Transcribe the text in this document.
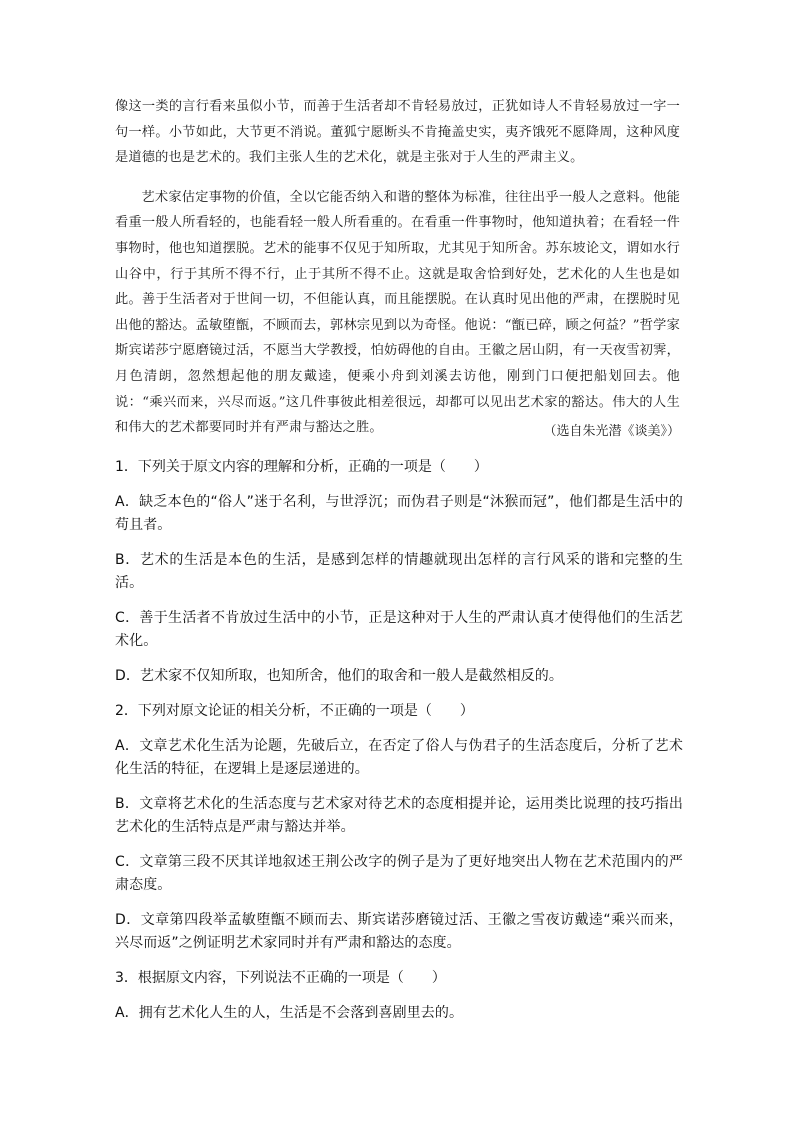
像这一类的言行看来虽似小节，而善于生活者却不肯轻易放过，正犹如诗人不肯轻易放过一字一句一样。小节如此，大节更不消说。董狐宁愿断头不肯掩盖史实，夷齐饿死不愿降周，这种风度是道德的也是艺术的。我们主张人生的艺术化，就是主张对于人生的严肃主义。

艺术家估定事物的价值，全以它能否纳入和谐的整体为标准，往往出乎一般人之意料。他能看重一般人所看轻的，也能看轻一般人所看重的。在看重一件事物时，他知道执着；在看轻一件事物时，他也知道摆脱。艺术的能事不仅见于知所取，尤其见于知所舍。苏东坡论文，谓如水行山谷中，行于其所不得不行，止于其所不得不止。这就是取舍恰到好处，艺术化的人生也是如此。善于生活者对于世间一切，不但能认真，而且能摆脱。在认真时见出他的严肃，在摆脱时见出他的豁达。孟敏堕甑，不顾而去，郭林宗见到以为奇怪。他说：“甑已碎，顾之何益？”哲学家斯宾诺莎宁愿磨镜过活，不愿当大学教授，怕妨碍他的自由。王徽之居山阴，有一天夜雪初霁，月色清朗，忽然想起他的朋友戴逵，便乘小舟到刘溪去访他，刚到门口便把船划回去。他说：“乘兴而来，兴尽而返。”这几件事彼此相差很远，却都可以见出艺术家的豁达。伟大的人生和伟大的艺术都要同时并有严肃与豁达之胜。	（选自朱光潜《谈美》）

1．下列关于原文内容的理解和分析，正确的一项是（　　）

A．缺乏本色的“俗人”迷于名利，与世浮沉；而伪君子则是“沐猴而冠”，他们都是生活中的苟且者。

B．艺术的生活是本色的生活，是感到怎样的情趣就现出怎样的言行风采的谐和完整的生活。

C．善于生活者不肯放过生活中的小节，正是这种对于人生的严肃认真才使得他们的生活艺术化。

D．艺术家不仅知所取，也知所舍，他们的取舍和一般人是截然相反的。

2．下列对原文论证的相关分析，不正确的一项是（　　）

A．文章艺术化生活为论题，先破后立，在否定了俗人与伪君子的生活态度后，分析了艺术化生活的特征，在逻辑上是逐层递进的。

B．文章将艺术化的生活态度与艺术家对待艺术的态度相提并论，运用类比说理的技巧指出艺术化的生活特点是严肃与豁达并举。

C．文章第三段不厌其详地叙述王荆公改字的例子是为了更好地突出人物在艺术范围内的严肃态度。

D．文章第四段举孟敏堕甑不顾而去、斯宾诺莎磨镜过活、王徽之雪夜访戴逵“乘兴而来，兴尽而返”之例证明艺术家同时并有严肃和豁达的态度。

3．根据原文内容，下列说法不正确的一项是（　　）

A．拥有艺术化人生的人，生活是不会落到喜剧里去的。
